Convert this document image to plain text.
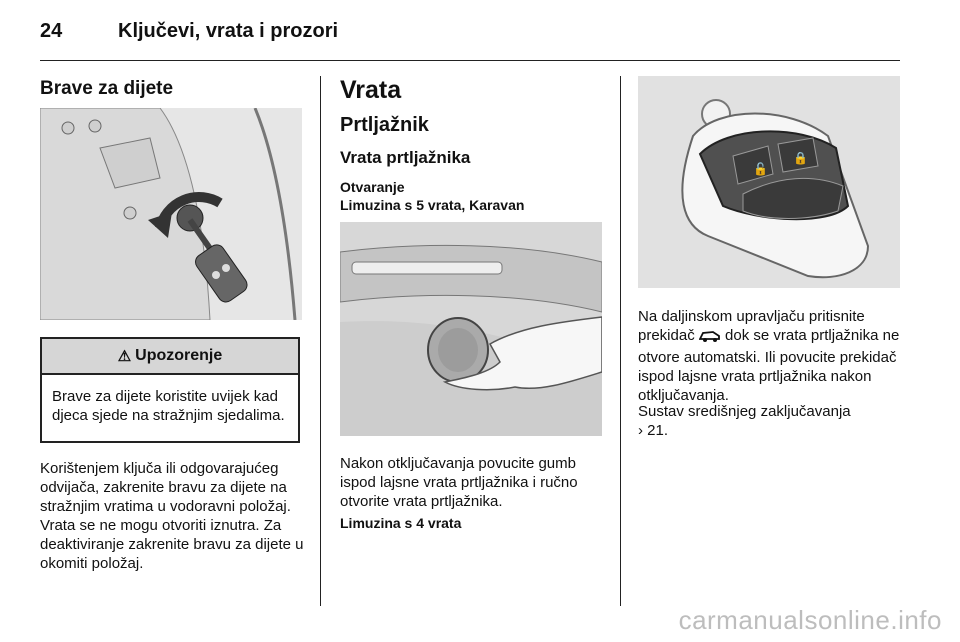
24	Ključevi, vrata i prozori
Brave za dijete
⚠ Upozorenje
Brave za dijete koristite uvijek kad djeca sjede na stražnjim sjedalima.
Korištenjem ključa ili odgovarajućeg odvijača, zakrenite bravu za dijete na stražnjim vratima u vodoravni položaj. Vrata se ne mogu otvoriti iznutra. Za deaktiviranje zakrenite bravu za dijete u okomiti položaj.
Vrata
Prtljažnik
Vrata prtljažnika
Otvaranje
Limuzina s 5 vrata, Karavan
Nakon otključavanja povucite gumb ispod lajsne vrata prtljažnika i ručno otvorite vrata prtljažnika.
Limuzina s 4 vrata
🔓
🔒
Na daljinskom upravljaču pritisnite prekidač dok se vrata prtljažnika ne otvore automatski. Ili povucite prekidač ispod lajsne vrata prtljažnika nakon otključavanja.
Sustav središnjeg zaključavanja
› 21.
carmanualsonline.info
